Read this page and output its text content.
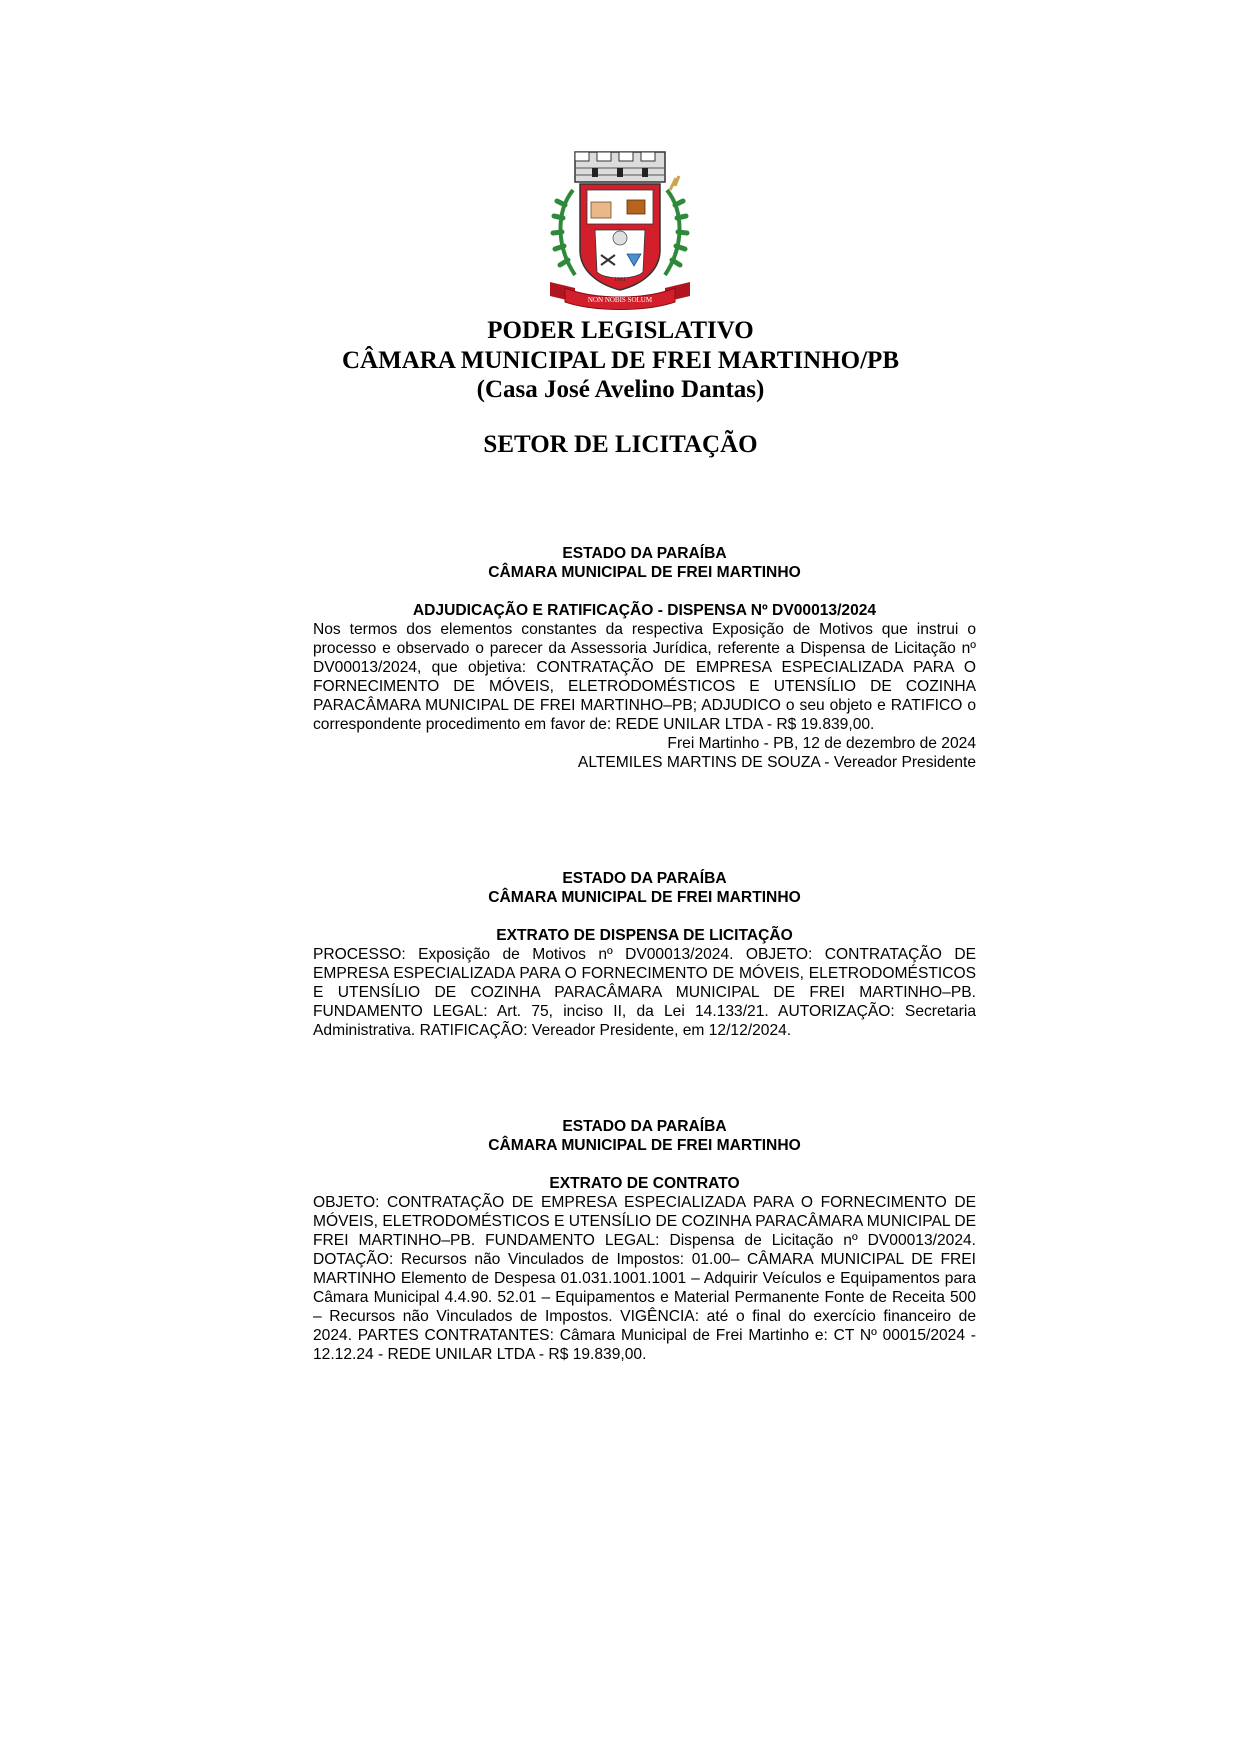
1961
NON NOBIS SOLUM
PODER LEGISLATIVO
CÂMARA MUNICIPAL DE FREI MARTINHO/PB
(Casa José Avelino Dantas)
SETOR DE LICITAÇÃO
ESTADO DA PARAÍBA
CÂMARA MUNICIPAL DE FREI MARTINHO
ADJUDICAÇÃO E RATIFICAÇÃO - DISPENSA Nº DV00013/2024
Nos termos dos elementos constantes da respectiva Exposição de Motivos que instrui o processo e observado o parecer da Assessoria Jurídica, referente a Dispensa de Licitação nº DV00013/2024, que objetiva: CONTRATAÇÃO DE EMPRESA ESPECIALIZADA PARA O FORNECIMENTO DE MÓVEIS, ELETRODOMÉSTICOS E UTENSÍLIO DE COZINHA PARACÂMARA MUNICIPAL DE FREI MARTINHO–PB; ADJUDICO o seu objeto e RATIFICO o correspondente procedimento em favor de: REDE UNILAR LTDA - R$ 19.839,00.
Frei Martinho - PB, 12 de dezembro de 2024
ALTEMILES MARTINS DE SOUZA - Vereador Presidente
ESTADO DA PARAÍBA
CÂMARA MUNICIPAL DE FREI MARTINHO
EXTRATO DE DISPENSA DE LICITAÇÃO
PROCESSO: Exposição de Motivos nº DV00013/2024. OBJETO: CONTRATAÇÃO DE EMPRESA ESPECIALIZADA PARA O FORNECIMENTO DE MÓVEIS, ELETRODOMÉSTICOS E UTENSÍLIO DE COZINHA PARACÂMARA MUNICIPAL DE FREI MARTINHO–PB. FUNDAMENTO LEGAL: Art. 75, inciso II, da Lei 14.133/21. AUTORIZAÇÃO: Secretaria Administrativa. RATIFICAÇÃO: Vereador Presidente, em 12/12/2024.
ESTADO DA PARAÍBA
CÂMARA MUNICIPAL DE FREI MARTINHO
EXTRATO DE CONTRATO
OBJETO: CONTRATAÇÃO DE EMPRESA ESPECIALIZADA PARA O FORNECIMENTO DE MÓVEIS, ELETRODOMÉSTICOS E UTENSÍLIO DE COZINHA PARACÂMARA MUNICIPAL DE FREI MARTINHO–PB. FUNDAMENTO LEGAL: Dispensa de Licitação nº DV00013/2024. DOTAÇÃO: Recursos não Vinculados de Impostos: 01.00– CÂMARA MUNICIPAL DE FREI MARTINHO Elemento de Despesa 01.031.1001.1001 – Adquirir Veículos e Equipamentos para Câmara Municipal 4.4.90. 52.01 – Equipamentos e Material Permanente Fonte de Receita 500 – Recursos não Vinculados de Impostos. VIGÊNCIA: até o final do exercício financeiro de 2024. PARTES CONTRATANTES: Câmara Municipal de Frei Martinho e: CT Nº 00015/2024 - 12.12.24 - REDE UNILAR LTDA - R$ 19.839,00.
